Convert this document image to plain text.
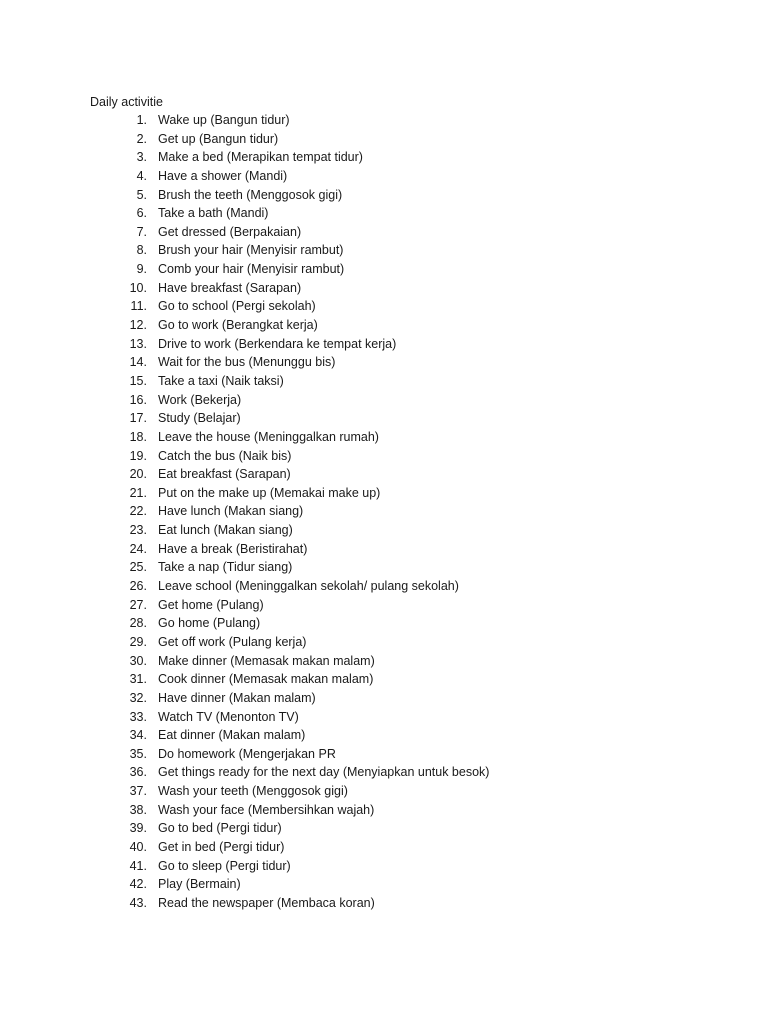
Daily activitie
1. Wake up (Bangun tidur)
2. Get up (Bangun tidur)
3. Make a bed (Merapikan tempat tidur)
4. Have a shower (Mandi)
5. Brush the teeth (Menggosok gigi)
6. Take a bath (Mandi)
7. Get dressed (Berpakaian)
8. Brush your hair (Menyisir rambut)
9. Comb your hair (Menyisir rambut)
10. Have breakfast (Sarapan)
11. Go to school (Pergi sekolah)
12. Go to work (Berangkat kerja)
13. Drive to work (Berkendara ke tempat kerja)
14. Wait for the bus (Menunggu bis)
15. Take a taxi (Naik taksi)
16. Work (Bekerja)
17. Study (Belajar)
18. Leave the house (Meninggalkan rumah)
19. Catch the bus (Naik bis)
20. Eat breakfast (Sarapan)
21. Put on the make up (Memakai make up)
22. Have lunch (Makan siang)
23. Eat lunch (Makan siang)
24. Have a break (Beristirahat)
25. Take a nap (Tidur siang)
26. Leave school (Meninggalkan sekolah/ pulang sekolah)
27. Get home (Pulang)
28. Go home (Pulang)
29. Get off work (Pulang kerja)
30. Make dinner (Memasak makan malam)
31. Cook dinner (Memasak makan malam)
32. Have dinner (Makan malam)
33. Watch TV (Menonton TV)
34. Eat dinner (Makan malam)
35. Do homework (Mengerjakan PR
36. Get things ready for the next day (Menyiapkan untuk besok)
37. Wash your teeth (Menggosok gigi)
38. Wash your face (Membersihkan wajah)
39. Go to bed (Pergi tidur)
40. Get in bed (Pergi tidur)
41. Go to sleep (Pergi tidur)
42. Play (Bermain)
43. Read the newspaper (Membaca koran)
